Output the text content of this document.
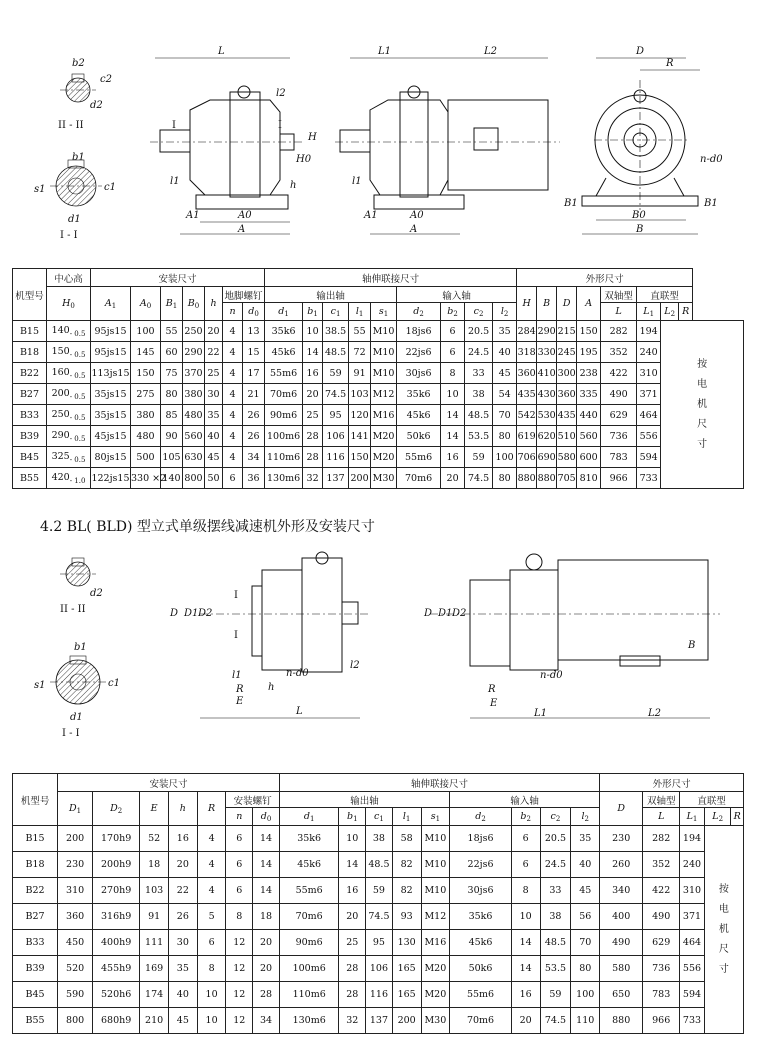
b2
c2
d2
II - II
b1
c1
s1
d1
I - I
L
l2
l1
H
H0
h
A1	A0
A
I	I
L1	L2
l1
A1	A0
A
D
R
n-d0
B1	B1
B0
B
机型号	中心高	安装尺寸							轴伸联接尺寸									外形尺寸							
	$H_0$	$A_1$	$A_0$	$B_1$	$B_0$	h	地脚螺钉		输出轴					输入轴				H	B	D	A	双轴型	直联型		
							n	$d_0$	$d_1$	$b_1$	$c_1$	$l_1$	$s_1$	$d_2$	$b_2$	$c_2$	$l_2$					L	$L_1$	$L_2$	R
B15	$140_{- 0.5}$	95js15	100	55	250	20	4	13	35k6	10	38.5	55	M10	18js6	6	20.5	35	284	290	215	150	282	194	按电机尺寸	
B18	$150_{- 0.5}$	95js15	145	60	290	22	4	15	45k6	14	48.5	72	M10	22js6	6	24.5	40	318	330	245	195	352	240		
B22	$160_{- 0.5}$	113js15	150	75	370	25	4	17	55m6	16	59	91	M10	30js6	8	33	45	360	410	300	238	422	310		
B27	$200_{- 0.5}$	35js15	275	80	380	30	4	21	70m6	20	74.5	103	M12	35k6	10	38	54	435	430	360	335	490	371		
B33	$250_{- 0.5}$	35js15	380	85	480	35	4	26	90m6	25	95	120	M16	45k6	14	48.5	70	542	530	435	440	629	464		
B39	$290_{- 0.5}$	45js15	480	90	560	40	4	26	100m6	28	106	141	M20	50k6	14	53.5	80	619	620	510	560	736	556		
B45	$325_{- 0.5}$	80js15	500	105	630	45	4	34	110m6	28	116	150	M20	55m6	16	59	100	706	690	580	600	783	594		
B55	$420_{- 1.0}$	122js15	330 ×2	140	800	50	6	36	130m6	32	137	200	M30	70m6	20	74.5	80	880	880	705	810	966	733		
4.2 BL( BLD) 型立式单级摆线减速机外形及安装尺寸
d2
II - II
b1
c1
s1
d1
I - I
D D1 D2
l1
R
E
h
n-d0
l2
L
I
I
D D1 D2
B
R
E
n-d0
L1	L2
机型号	安装尺寸							轴伸联接尺寸									外形尺寸				
	$D_1$	$D_2$	E	h	R	安装螺钉		输出轴					输入轴				D	双轴型	直联型		
						n	$d_0$	$d_1$	$b_1$	$c_1$	$l_1$	$s_1$	$d_2$	$b_2$	$c_2$	$l_2$		L	$L_1$	$L_2$	R
B15	200	170h9	52	16	4	6	14	35k6	10	38	58	M10	18js6	6	20.5	35	230	282	194	按电机尺寸	
B18	230	200h9	18	20	4	6	14	45k6	14	48.5	82	M10	22js6	6	24.5	40	260	352	240		
B22	310	270h9	103	22	4	6	14	55m6	16	59	82	M10	30js6	8	33	45	340	422	310		
B27	360	316h9	91	26	5	8	18	70m6	20	74.5	93	M12	35k6	10	38	56	400	490	371		
B33	450	400h9	111	30	6	12	20	90m6	25	95	130	M16	45k6	14	48.5	70	490	629	464		
B39	520	455h9	169	35	8	12	20	100m6	28	106	165	M20	50k6	14	53.5	80	580	736	556		
B45	590	520h6	174	40	10	12	28	110m6	28	116	165	M20	55m6	16	59	100	650	783	594		
B55	800	680h9	210	45	10	12	34	130m6	32	137	200	M30	70m6	20	74.5	110	880	966	733		
